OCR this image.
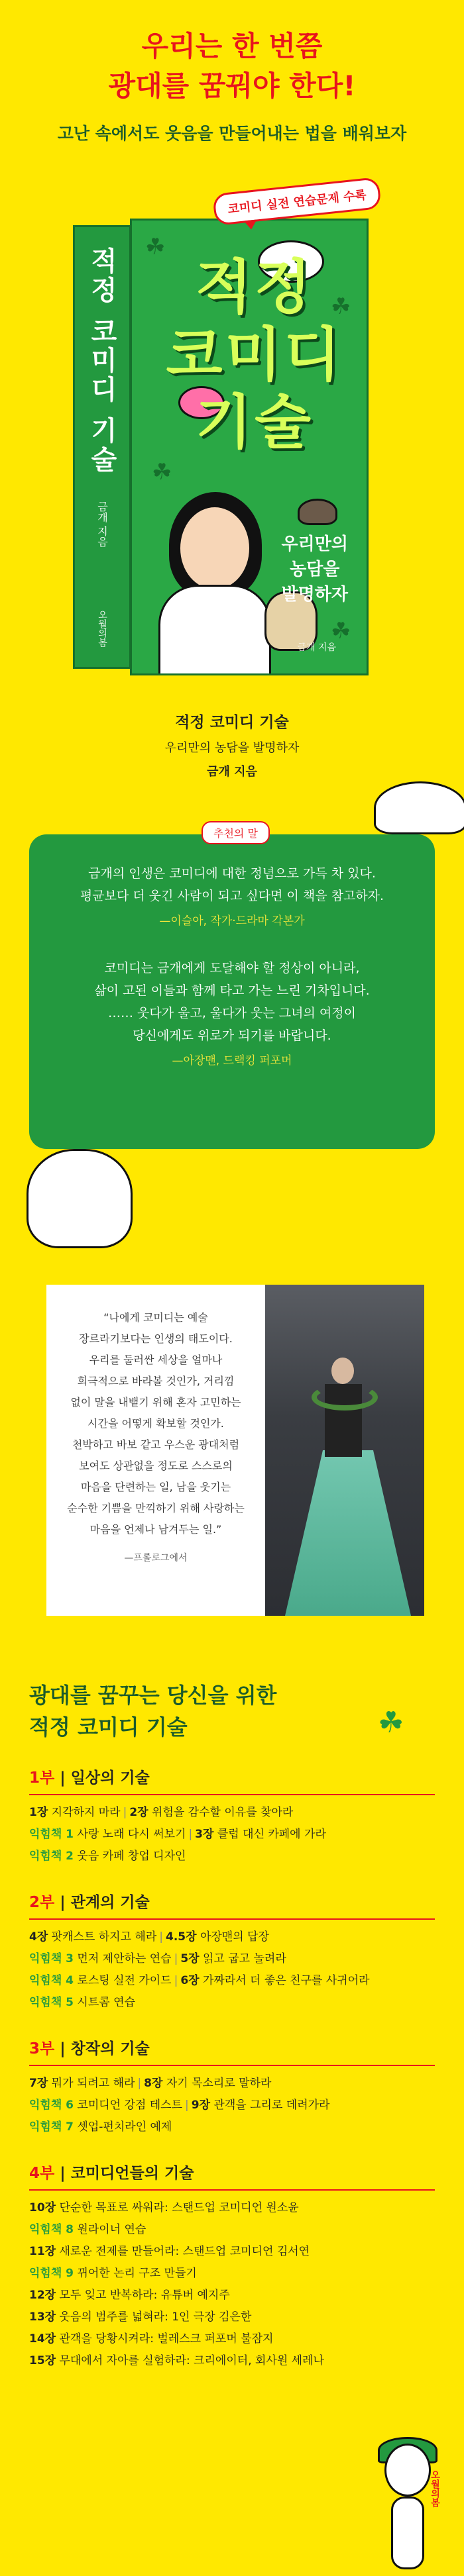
우리는 한 번쯤
광대를 꿈꿔야 한다!
고난 속에서도 웃음을 만들어내는 법을 배워보자
코미디 실전 연습문제 수록
적정 코미디 기술
금개 지음
오월의봄
적정
코미디
기술
우리만의
농담을
발명하자
금개 지음
☘
☘
☘
☘
적정 코미디 기술
우리만의 농담을 발명하자
금개 지음
추천의 말
금개의 인생은 코미디에 대한 정념으로 가득 차 있다.
평균보다 더 웃긴 사람이 되고 싶다면 이 책을 참고하자.
—이슬아, 작가·드라마 각본가
코미디는 금개에게 도달해야 할 정상이 아니라,
삶이 고된 이들과 함께 타고 가는 느린 기차입니다.
…… 웃다가 울고, 울다가 웃는 그녀의 여정이
당신에게도 위로가 되기를 바랍니다.
—아장맨, 드랙킹 퍼포머
“나에게 코미디는 예술
장르라기보다는 인생의 태도이다.
우리를 둘러싼 세상을 얼마나
희극적으로 바라볼 것인가, 거리낌
없이 말을 내뱉기 위해 혼자 고민하는
시간을 어떻게 확보할 것인가.
천박하고 바보 같고 우스운 광대처럼
보여도 상관없을 정도로 스스로의
마음을 단련하는 일, 남을 웃기는
순수한 기쁨을 만끽하기 위해 사랑하는
마음을 언제나 남겨두는 일.”
—프롤로그에서
광대를 꿈꾸는 당신을 위한
적정 코미디 기술	☘
1부 | 일상의 기술
1장 지각하지 마라 | 2장 위험을 감수할 이유를 찾아라
익힘책 1 사랑 노래 다시 써보기 | 3장 클럽 대신 카페에 가라
익힘책 2 웃음 카페 창업 디자인
2부 | 관계의 기술
4장 팟캐스트 하지고 해라 | 4.5장 아장맨의 답장
익힘책 3 먼저 제안하는 연습 | 5장 읽고 굽고 놀려라
익힘책 4 로스팅 실전 가이드 | 6장 가짜라서 더 좋은 친구를 사귀어라
익힘책 5 시트콤 연습
3부 | 창작의 기술
7장 뭐가 되려고 해라 | 8장 자기 목소리로 말하라
익힘책 6 코미디언 강점 테스트 | 9장 관객을 그리로 데려가라
익힘책 7 셋업-펀치라인 예제
4부 | 코미디언들의 기술
10장 단순한 목표로 싸워라: 스탠드업 코미디언 원소윤
익힘책 8 원라이너 연습
11장 새로운 전제를 만들어라: 스탠드업 코미디언 김서연
익힘책 9 뀌어한 논리 구조 만들기
12장 모두 잊고 반복하라: 유튜버 예지주
13장 웃음의 범주를 넓혀라: 1인 극장 김은한
14장 관객을 당황시켜라: 벌레스크 퍼포머 불잠지
15장 무대에서 자아를 실험하라: 크리에이터, 회사원 세레나
오월의봄
